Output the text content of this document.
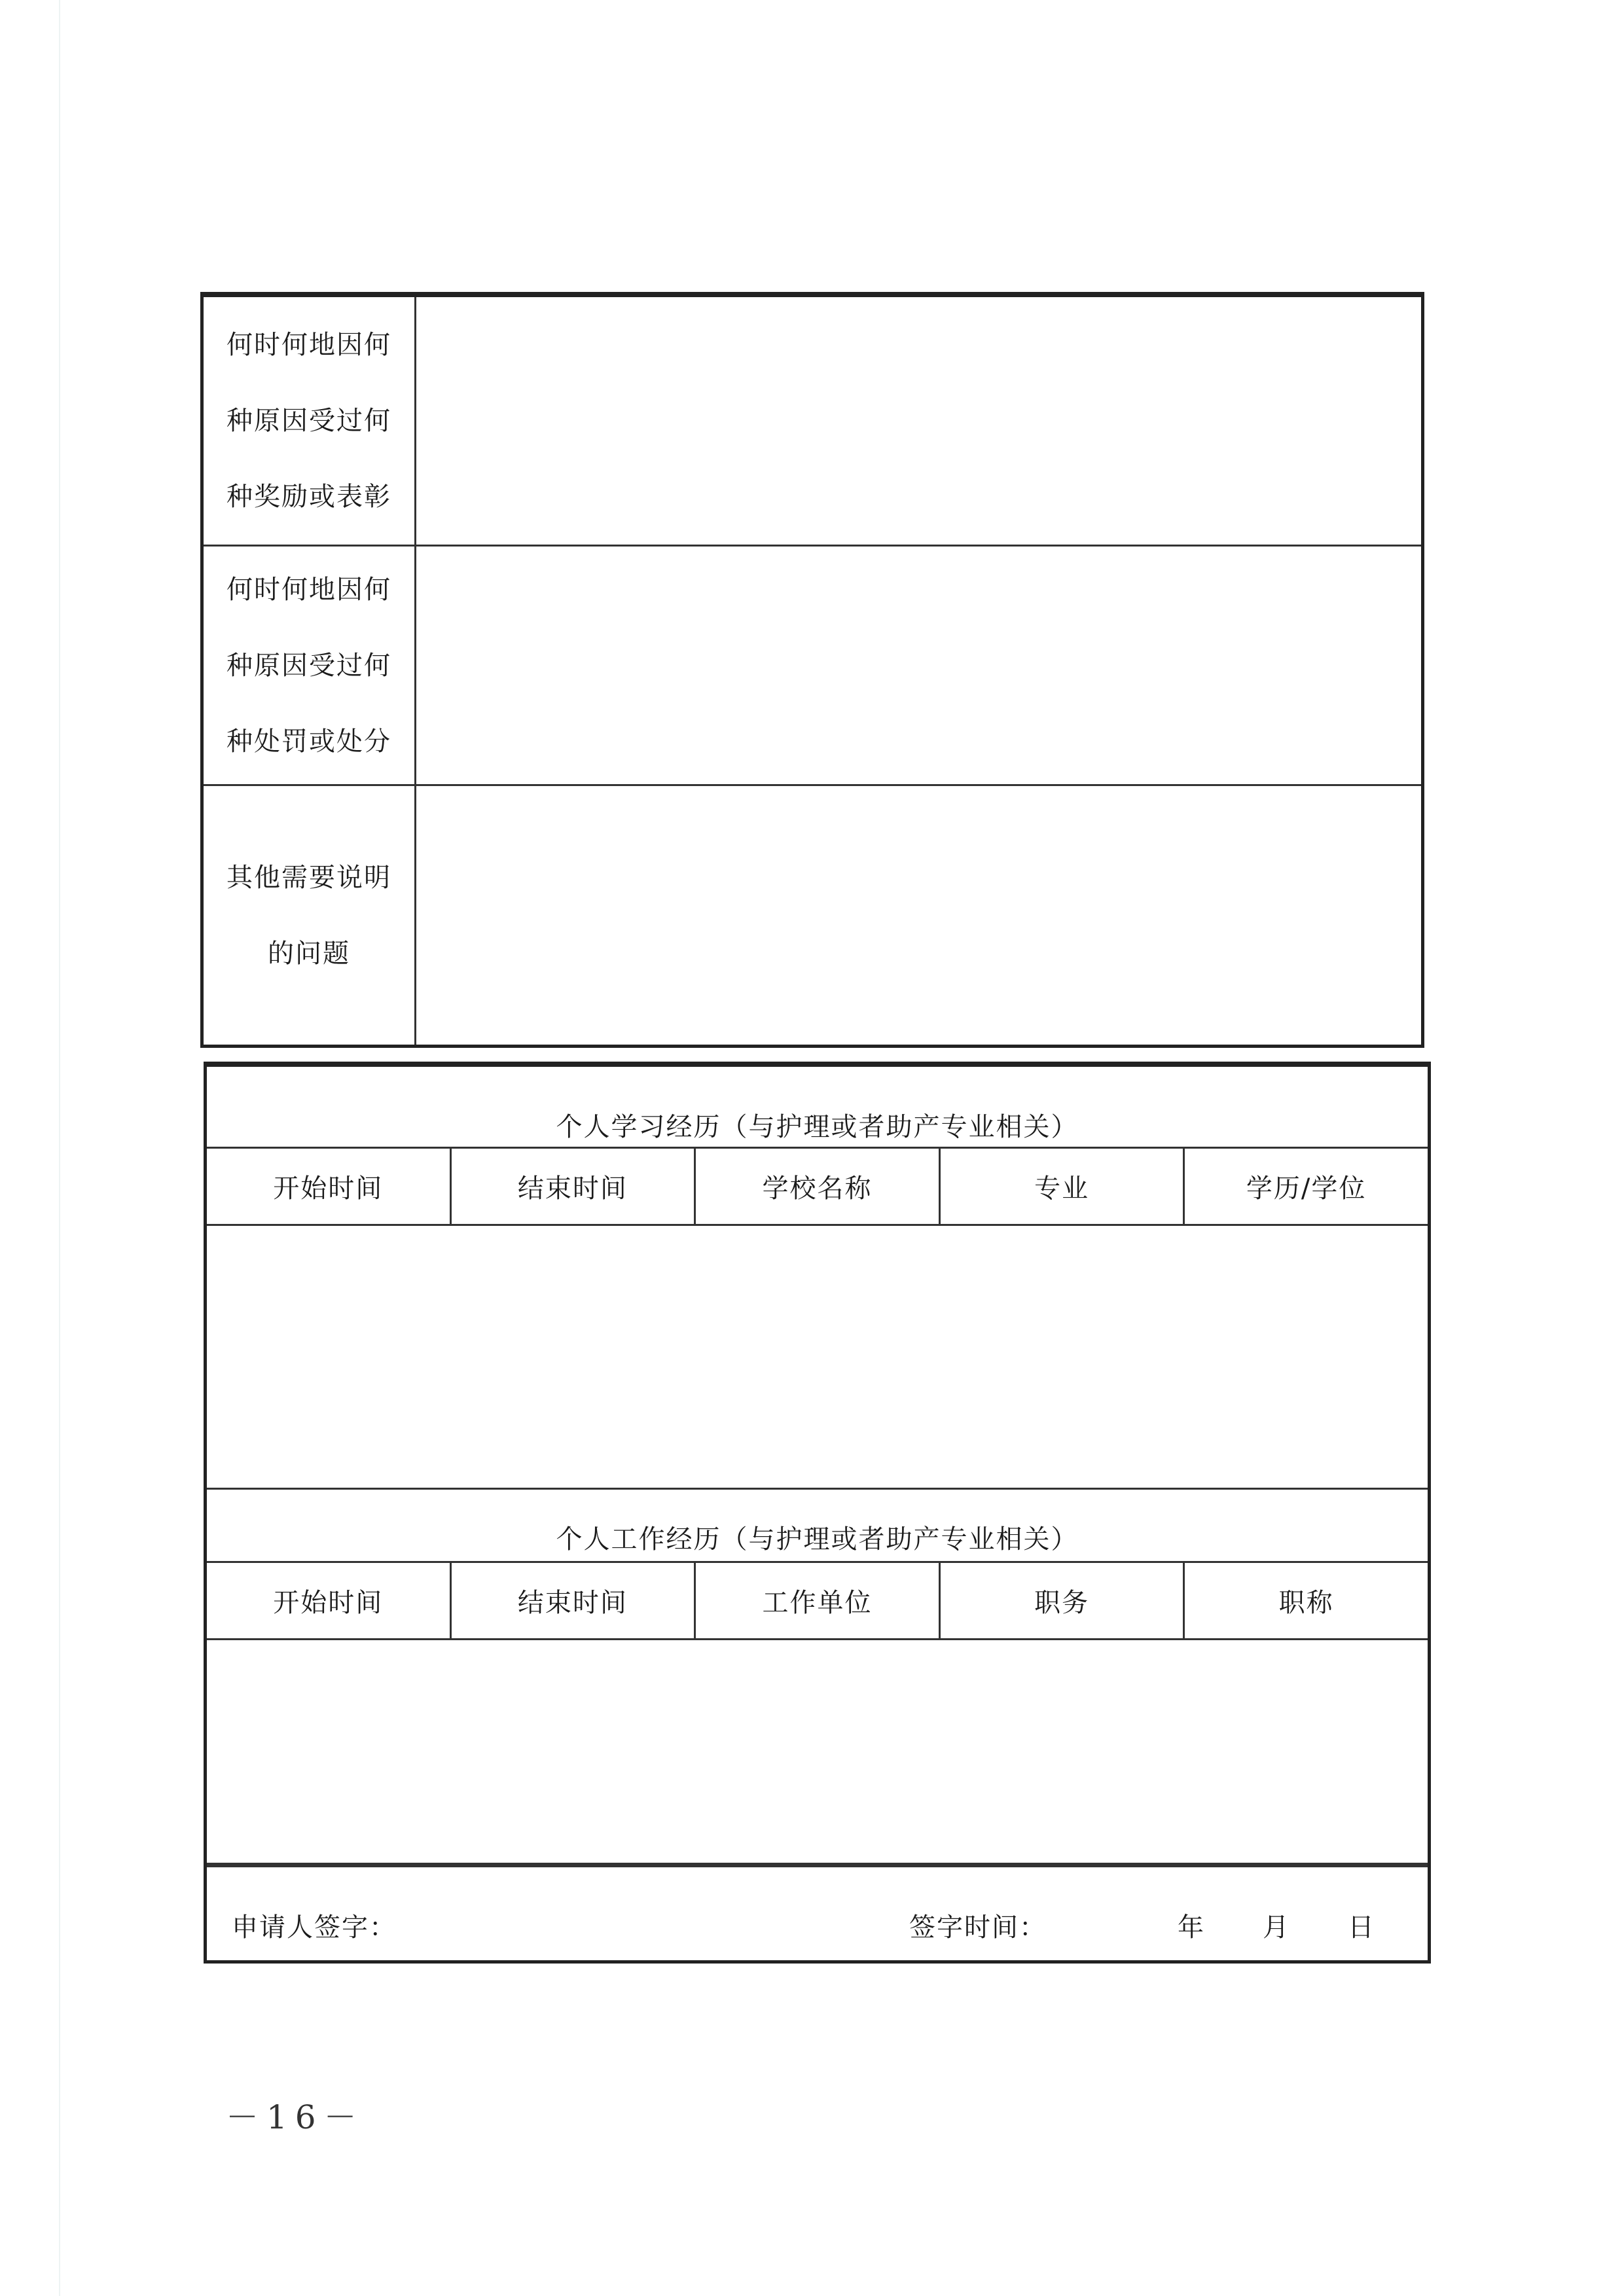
何时何地因何
种原因受过何
种奖励或表彰
何时何地因何
种原因受过何
种处罚或处分
其他需要说明
的问题
个人学习经历（与护理或者助产专业相关）
开始时间	结束时间	学校名称	专业	学历/学位
个人工作经历（与护理或者助产专业相关）
开始时间	结束时间	工作单位	职务	职称
申请人签字：	签字时间：	年 月 日
－16－
